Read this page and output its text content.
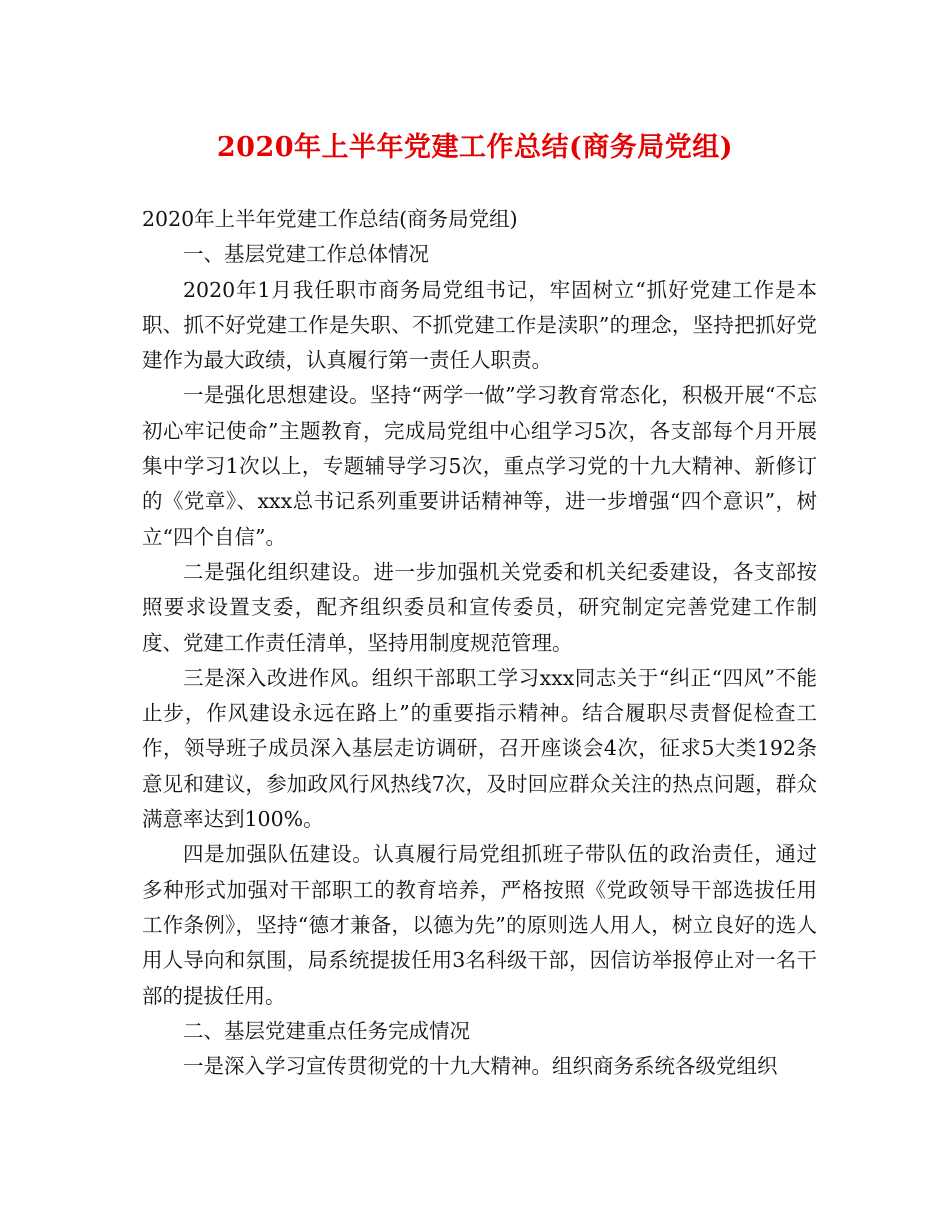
2020年上半年党建工作总结(商务局党组)

2020年上半年党建工作总结(商务局党组)

一、基层党建工作总体情况

2020年1月我任职市商务局党组书记，牢固树立“抓好党建工作是本职、抓不好党建工作是失职、不抓党建工作是渎职”的理念，坚持把抓好党建作为最大政绩，认真履行第一责任人职责。

一是强化思想建设。坚持“两学一做”学习教育常态化，积极开展“不忘初心牢记使命”主题教育，完成局党组中心组学习5次，各支部每个月开展集中学习1次以上，专题辅导学习5次，重点学习党的十九大精神、新修订的《党章》、xxx总书记系列重要讲话精神等，进一步增强“四个意识”，树立“四个自信”。

二是强化组织建设。进一步加强机关党委和机关纪委建设，各支部按照要求设置支委，配齐组织委员和宣传委员，研究制定完善党建工作制度、党建工作责任清单，坚持用制度规范管理。

三是深入改进作风。组织干部职工学习xxx同志关于“纠正“四风”不能止步，作风建设永远在路上”的重要指示精神。结合履职尽责督促检查工作，领导班子成员深入基层走访调研，召开座谈会4次，征求5大类192条意见和建议，参加政风行风热线7次，及时回应群众关注的热点问题，群众满意率达到100%。

四是加强队伍建设。认真履行局党组抓班子带队伍的政治责任，通过多种形式加强对干部职工的教育培养，严格按照《党政领导干部选拔任用工作条例》，坚持“德才兼备，以德为先”的原则选人用人，树立良好的选人用人导向和氛围，局系统提拔任用3名科级干部，因信访举报停止对一名干部的提拔任用。

二、基层党建重点任务完成情况

一是深入学习宣传贯彻党的十九大精神。组织商务系统各级党组织
